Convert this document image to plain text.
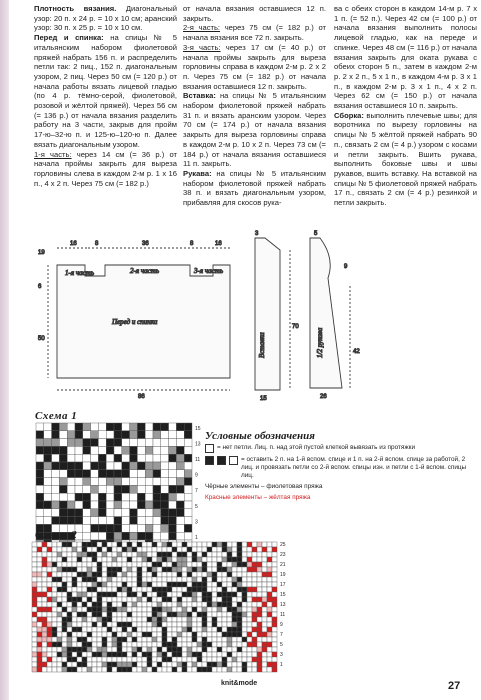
Плотность вязания. Диагональный узор: 20 п. х 24 р. = 10 х 10 см; аранский узор: 30 п. х 25 р. = 10 х 10 см.

Перед и спинка: на спицы № 5 итальянским набором фиолетовой пряжей набрать 156 п. и распределить петли так: 2 пиц., 152 п. диагональным узором, 2 пиц. Через 50 см (= 120 р.) от начала работы вязать лицевой гладью (по 4 р. тёмно-серой, фиолетовой, розовой и жёлтой пряжей). Через 56 см (= 136 р.) от начала вязания разделить работу на 3 части, закрыв для пройм 17-ю–32-ю п. и 125-ю–120-ю п. Далее вязать диагональным узором.

1-я часть: через 14 см (= 36 р.) от начала проймы закрыть для выреза горловины слева в каждом 2-м р. 1 х 16 п., 4 х 2 п. Через 75 см (= 182 р.)

от начала вязания оставшиеся 12 п. закрыть.

2-я часть: через 75 см (= 182 р.) от начала вязания все 72 п. закрыть.

3-я часть: через 17 см (= 40 р.) от начала проймы закрыть для выреза горловины справа в каждом 2-м р. 2 х 2 п. Через 75 см (= 182 р.) от начала вязания оставшиеся 12 п. закрыть.

Вставка: на спицы № 5 итальянским набором фиолетовой пряжей набрать 31 п. и вязать аранским узором. Через 70 см (= 174 р.) от начала вязания закрыть для выреза горловины справа в каждом 2-м р. 10 х 2 п. Через 73 см (= 184 р.) от начала вязания оставшиеся 11 п. закрыть.

Рукава: на спицы № 5 итальянским набором фиолетовой пряжей набрать 38 п. и вязать диагональным узором, прибавляя для скосов рука-

ва с обеих сторон в каждом 14-м р. 7 х 1 п. (= 52 п.). Через 42 см (= 100 р.) от начала вязания выполнить полосы лицевой гладью, как на переде и спинке. Через 48 см (= 116 р.) от начала вязания закрыть для оката рукава с обеих сторон 5 п., затем в каждом 2-м р. 2 х 2 п., 5 х 1 п., в каждом 4-м р. 3 х 1 п., в каждом 2-м р. 3 х 1 п., 4 х 2 п. Через 62 см (= 150 р.) от начала вязания оставшиеся 10 п. закрыть.

Сборка: выполнить плечевые швы; для воротника по вырезу горловины на спицы № 5 жёлтой пряжей набрать 90 п., связать 2 см (= 4 р.) узором с косами и петли закрыть. Вшить рукава, выполнить боковые швы и швы рукавов, вшить вставку. На вставкой на спицы № 5 фиолетовой пряжей набрать 17 п., связать 2 см (= 4 р.) резинкой и петли закрыть.

16	8	36	8	16
19
6
50
86
1-я часть	2-я часть	3-я часть
Перед и спинка
3
70
15
Вставка
5
42
26
9
1/2 рукава
Схема 1
15
13
11
9
7
5
3
1
Условные обозначения
= нет петли. Лиц. п. над этой пустой клеткой вывязать из протяжки
= оставить 2 п. на 1-й вспом. спице и 1 п. на 2-й вспом. спице за работой, 2 лиц. и провязать петли со 2-й вспом. спицы изн. и петли с 1-й вспом. спицы лиц.
Чёрные элементы – фиолетовая пряжа
Красные элементы – жёлтая пряжа
Схема 2
25
23
21
19
17
15
13
11
9
7
5
3
1
knit&mode	27
